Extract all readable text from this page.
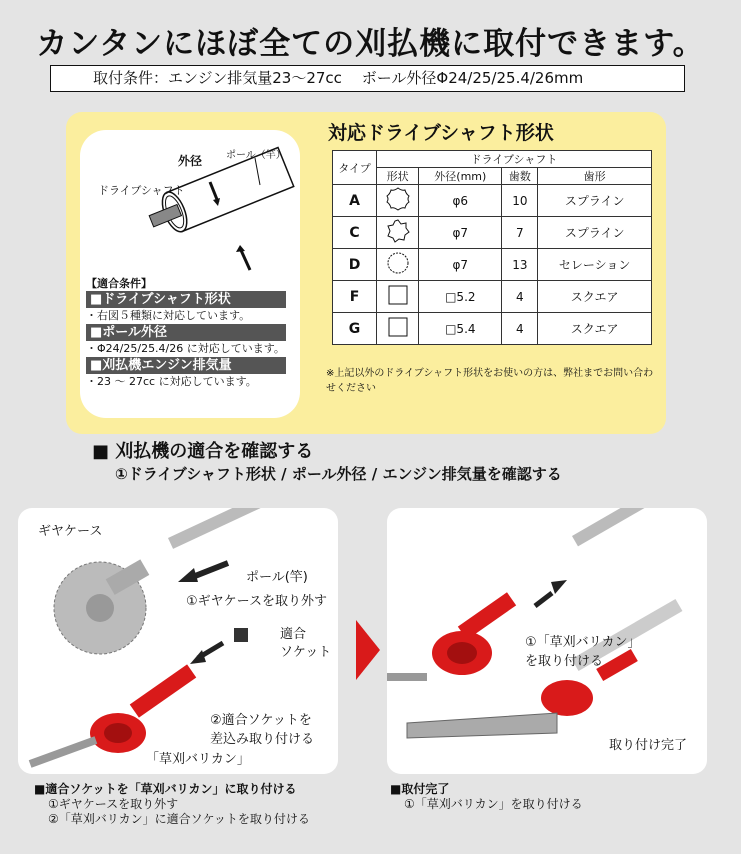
カンタンにほぼ全ての刈払機に取付できます。
取付条件：エンジン排気量23〜27cc　 ボール外径Φ24/25/25.4/26mm
外径 ポール（竿）
ドライブシャフト
【適合条件】
■ドライブシャフト形状
・右図５種類に対応しています。
■ポール外径
・Φ24/25/25.4/26 に対応しています。
■刈払機エンジン排気量
・23 〜 27cc に対応しています。
対応ドライブシャフト形状
タイプ	ドライブシャフト			
	形状	外径(mm)	歯数	歯形
A		φ6	10	スプライン
C		φ7	7	スプライン
D		φ7	13	セレーション
F		□5.2	4	スクエア
G		□5.4	4	スクエア
※上記以外のドライブシャフト形状をお使いの方は、弊社までお問い合わせください
■ 刈払機の適合を確認する
①ドライブシャフト形状 / ポール外径 / エンジン排気量を確認する
ギヤケース
ポール(竿)
①ギヤケースを取り外す
適合
ソケット
②適合ソケットを
差込み取り付ける
「草刈バリカン」
①「草刈バリカン」
を取り付ける
取り付け完了
■適合ソケットを「草刈バリカン」に取り付ける
①ギヤケースを取り外す
②「草刈バリカン」に適合ソケットを取り付ける
■取付完了
①「草刈バリカン」を取り付ける
